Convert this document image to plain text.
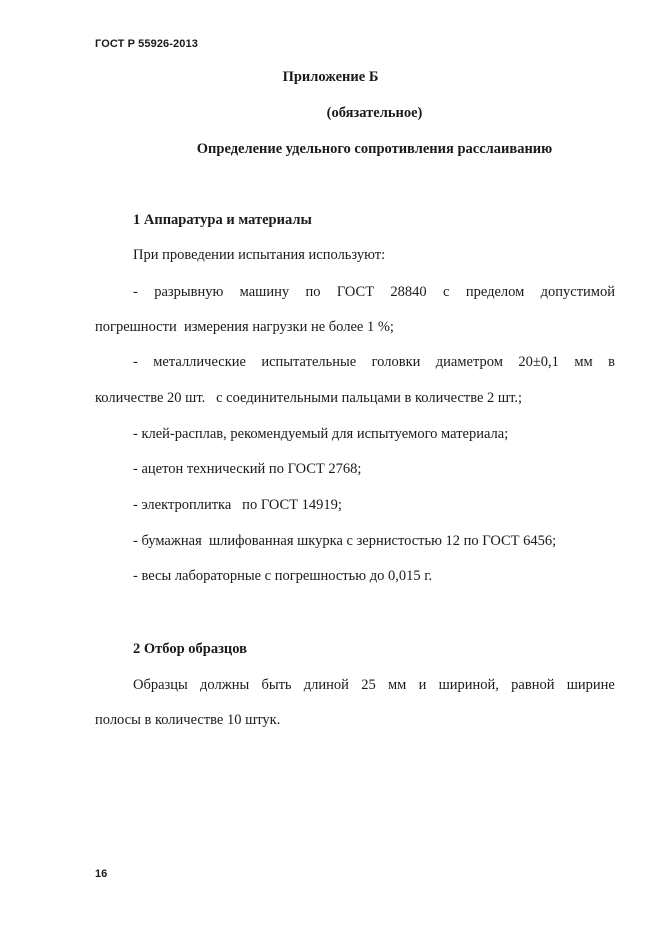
ГОСТ Р 55926-2013
Приложение Б
(обязательное)
Определение удельного сопротивления расслаиванию
1 Аппаратура и материалы
При проведении испытания используют:
- разрывную машину по ГОСТ 28840 с пределом допустимой
погрешности  измерения нагрузки не более 1 %;
- металлические испытательные головки диаметром 20±0,1 мм в
количестве 20 шт.   с соединительными пальцами в количестве 2 шт.;
- клей-расплав, рекомендуемый для испытуемого материала;
- ацетон технический по ГОСТ 2768;
- электроплитка   по ГОСТ 14919;
- бумажная  шлифованная шкурка с зернистостью 12 по ГОСТ 6456;
- весы лабораторные с погрешностью до 0,015 г.
2 Отбор образцов
Образцы должны быть длиной 25 мм и шириной, равной ширине
полосы в количестве 10 штук.
16
